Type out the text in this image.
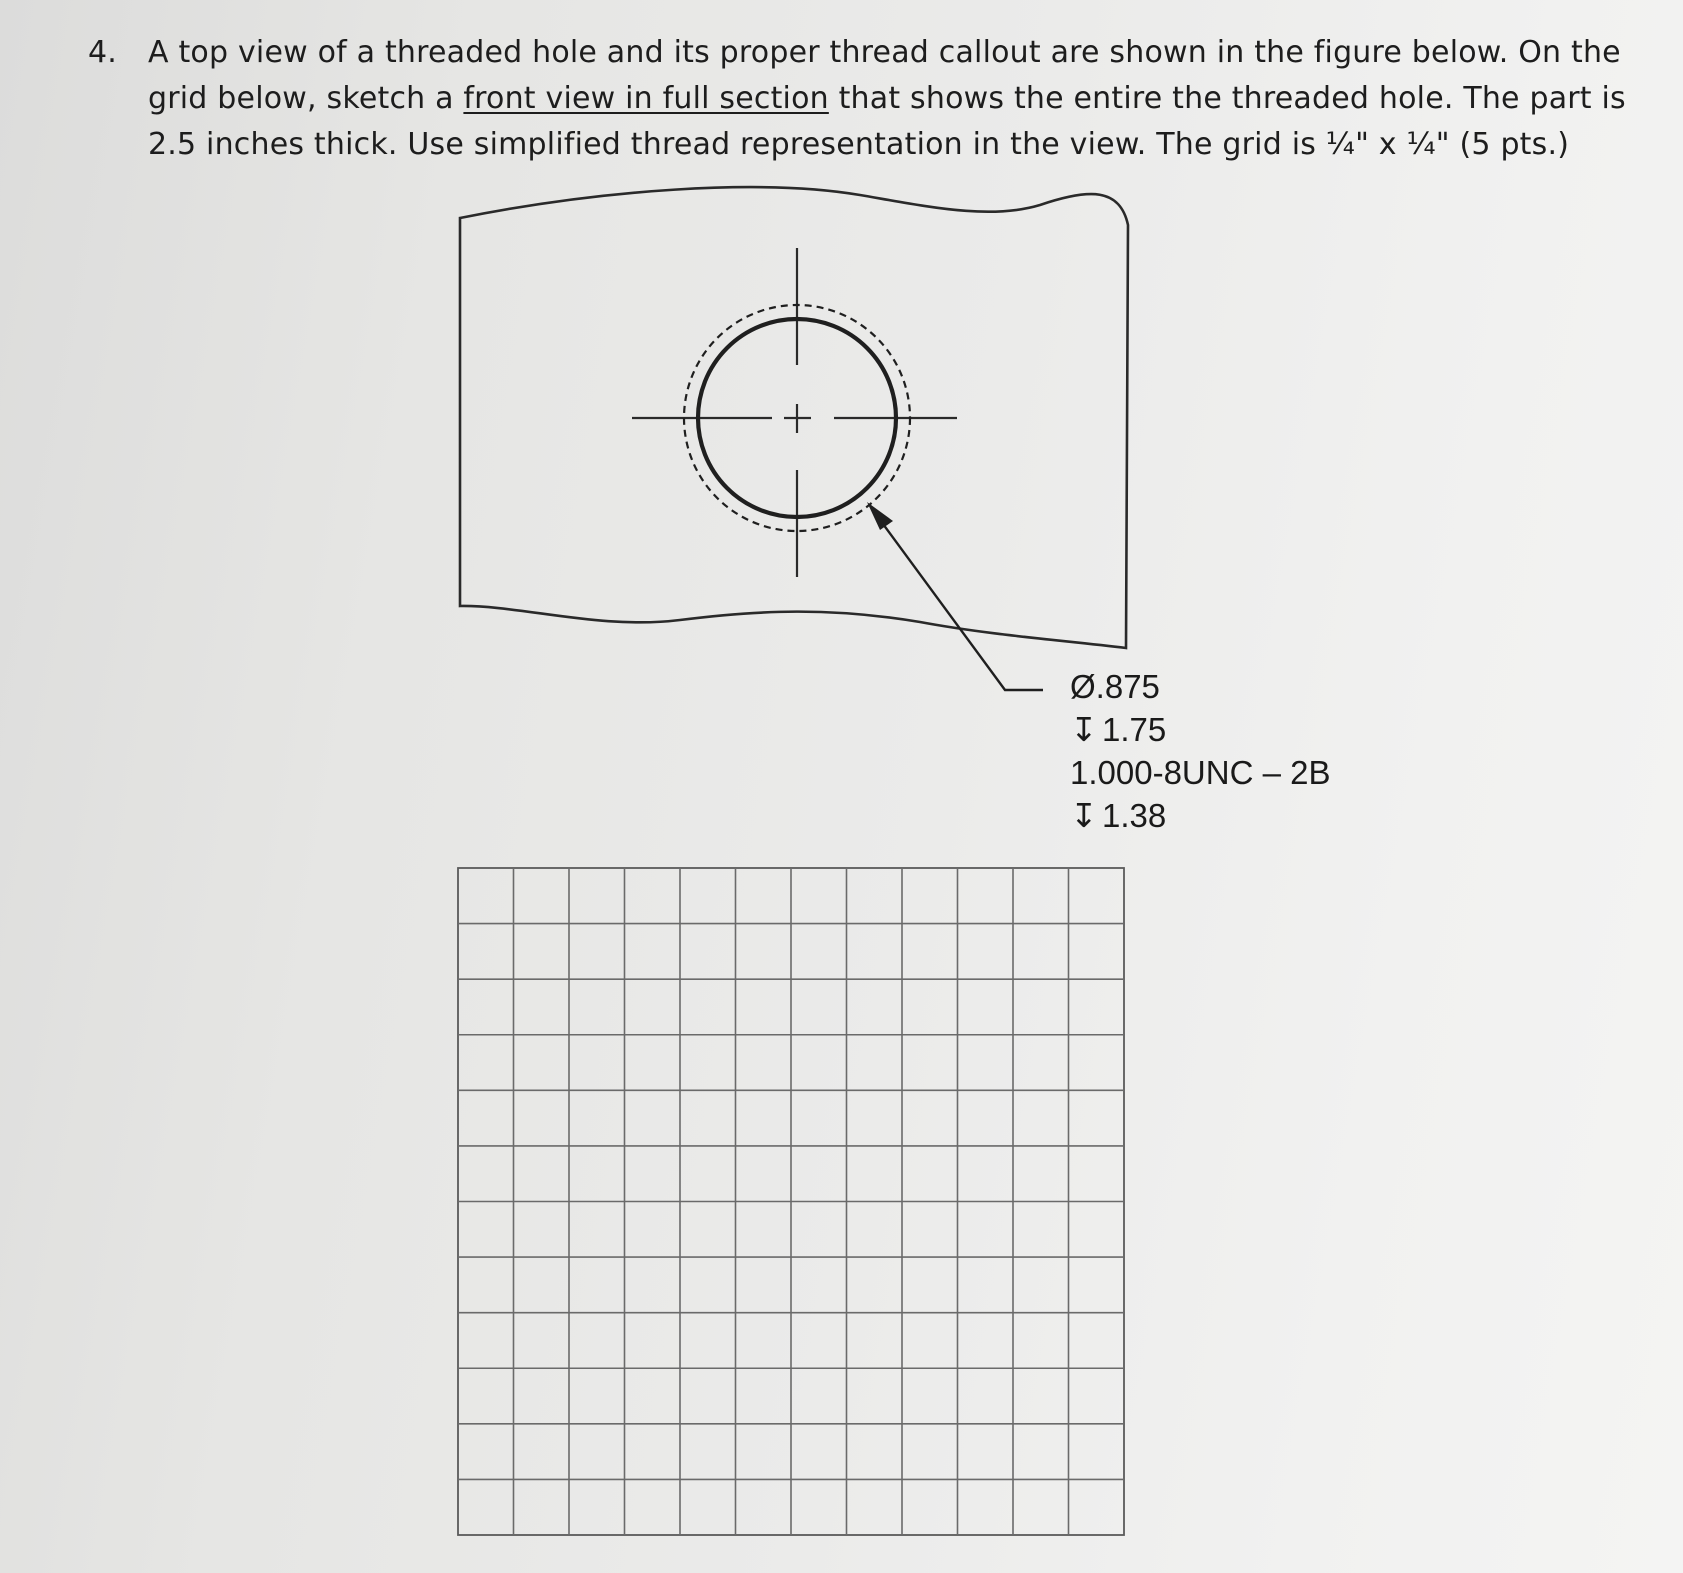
4.	A top view of a threaded hole and its proper thread callout are shown in the figure below. On the grid below, sketch a front view in full section that shows the entire the threaded hole. The part is 2.5 inches thick. Use simplified thread representation in the view. The grid is ¼" x ¼" (5 pts.)
Ø.875
↧ 1.75
1.000-8UNC – 2B
↧ 1.38
